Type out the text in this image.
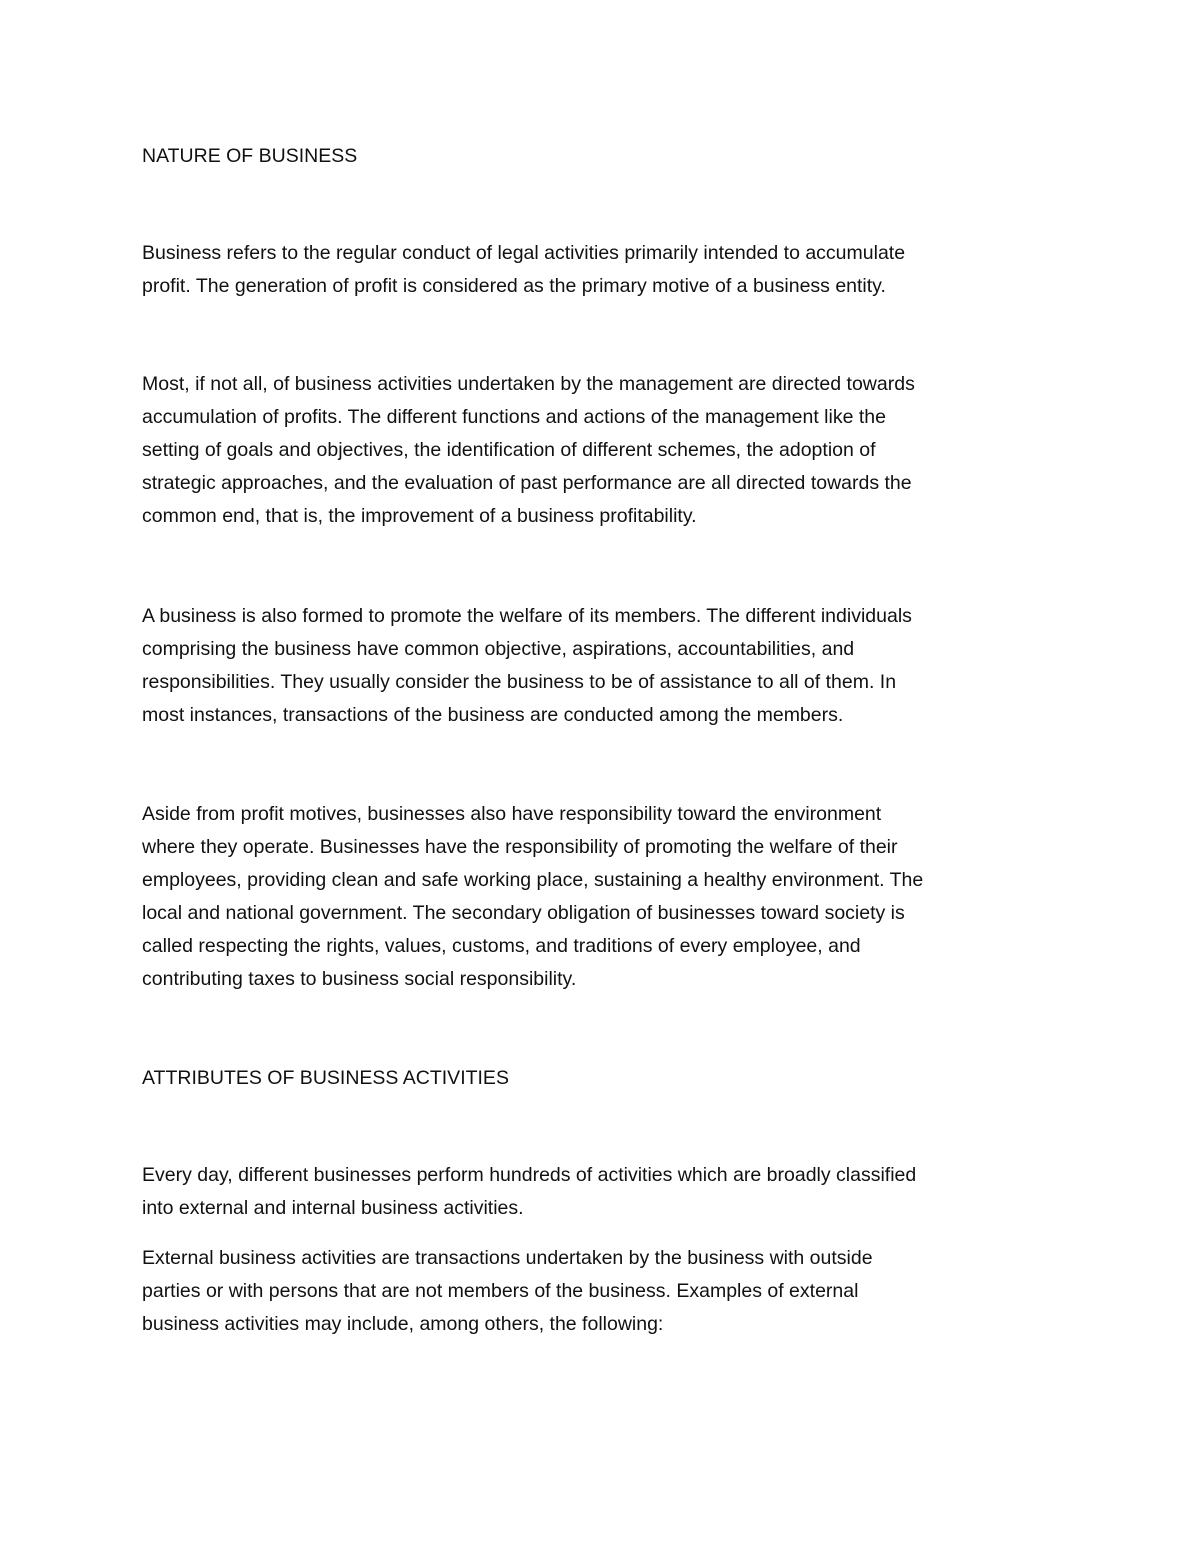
NATURE OF BUSINESS

Business refers to the regular conduct of legal activities primarily intended to accumulate
profit. The generation of profit is considered as the primary motive of a business entity.

Most, if not all, of business activities undertaken by the management are directed towards
accumulation of profits. The different functions and actions of the management like the
setting of goals and objectives, the identification of different schemes, the adoption of
strategic approaches, and the evaluation of past performance are all directed towards the
common end, that is, the improvement of a business profitability.

A business is also formed to promote the welfare of its members. The different individuals
comprising the business have common objective, aspirations, accountabilities, and
responsibilities. They usually consider the business to be of assistance to all of them. In
most instances, transactions of the business are conducted among the members.

Aside from profit motives, businesses also have responsibility toward the environment
where they operate. Businesses have the responsibility of promoting the welfare of their
employees, providing clean and safe working place, sustaining a healthy environment. The
local and national government. The secondary obligation of businesses toward society is
called respecting the rights, values, customs, and traditions of every employee, and
contributing taxes to business social responsibility.

ATTRIBUTES OF BUSINESS ACTIVITIES

Every day, different businesses perform hundreds of activities which are broadly classified
into external and internal business activities.

External business activities are transactions undertaken by the business with outside
parties or with persons that are not members of the business. Examples of external
business activities may include, among others, the following:
